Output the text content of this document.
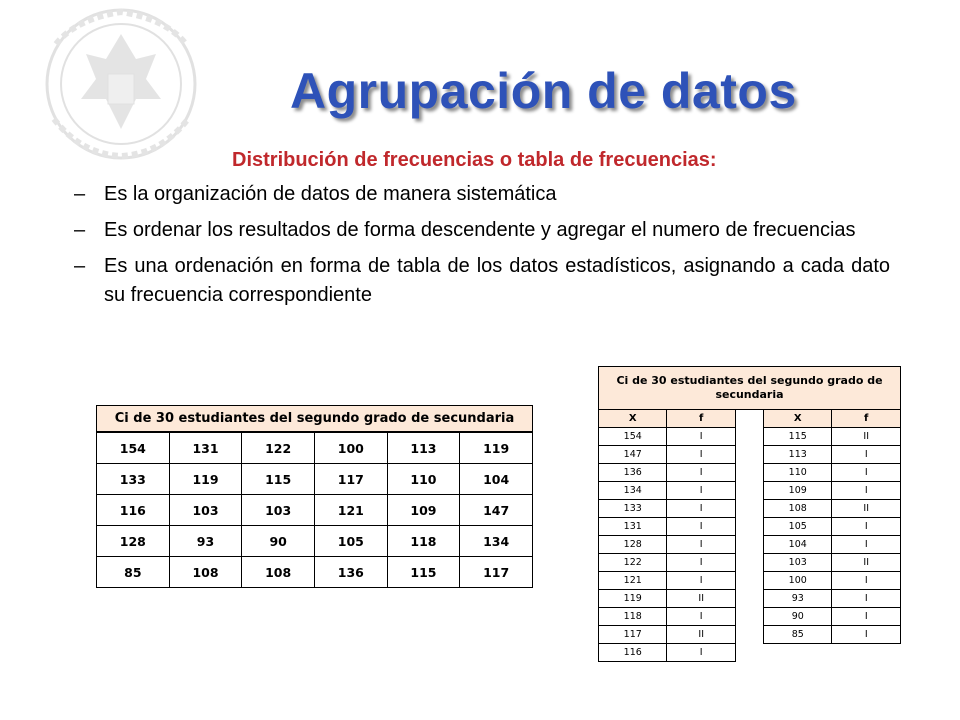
Agrupación de datos
Distribución de frecuencias o tabla de frecuencias:
– Es la organización de datos de manera sistemática
– Es ordenar los resultados de forma descendente y agregar el numero de frecuencias
– Es una ordenación en forma de tabla de los datos estadísticos, asignando a cada dato su frecuencia correspondiente
Ci de 30 estudiantes del segundo grado de secundaria					
154	131	122	100	113	119
133	119	115	117	110	104
116	103	103	121	109	147
128	93	90	105	118	134
85	108	108	136	115	117
Ci de 30 estudiantes del segundo grado de secundaria				
X	f		X	f
154	I		115	II
147	I		113	I
136	I		110	I
134	I		109	I
133	I		108	II
131	I		105	I
128	I		104	I
122	I		103	II
121	I		100	I
119	II		93	I
118	I		90	I
117	II		85	I
116	I			
